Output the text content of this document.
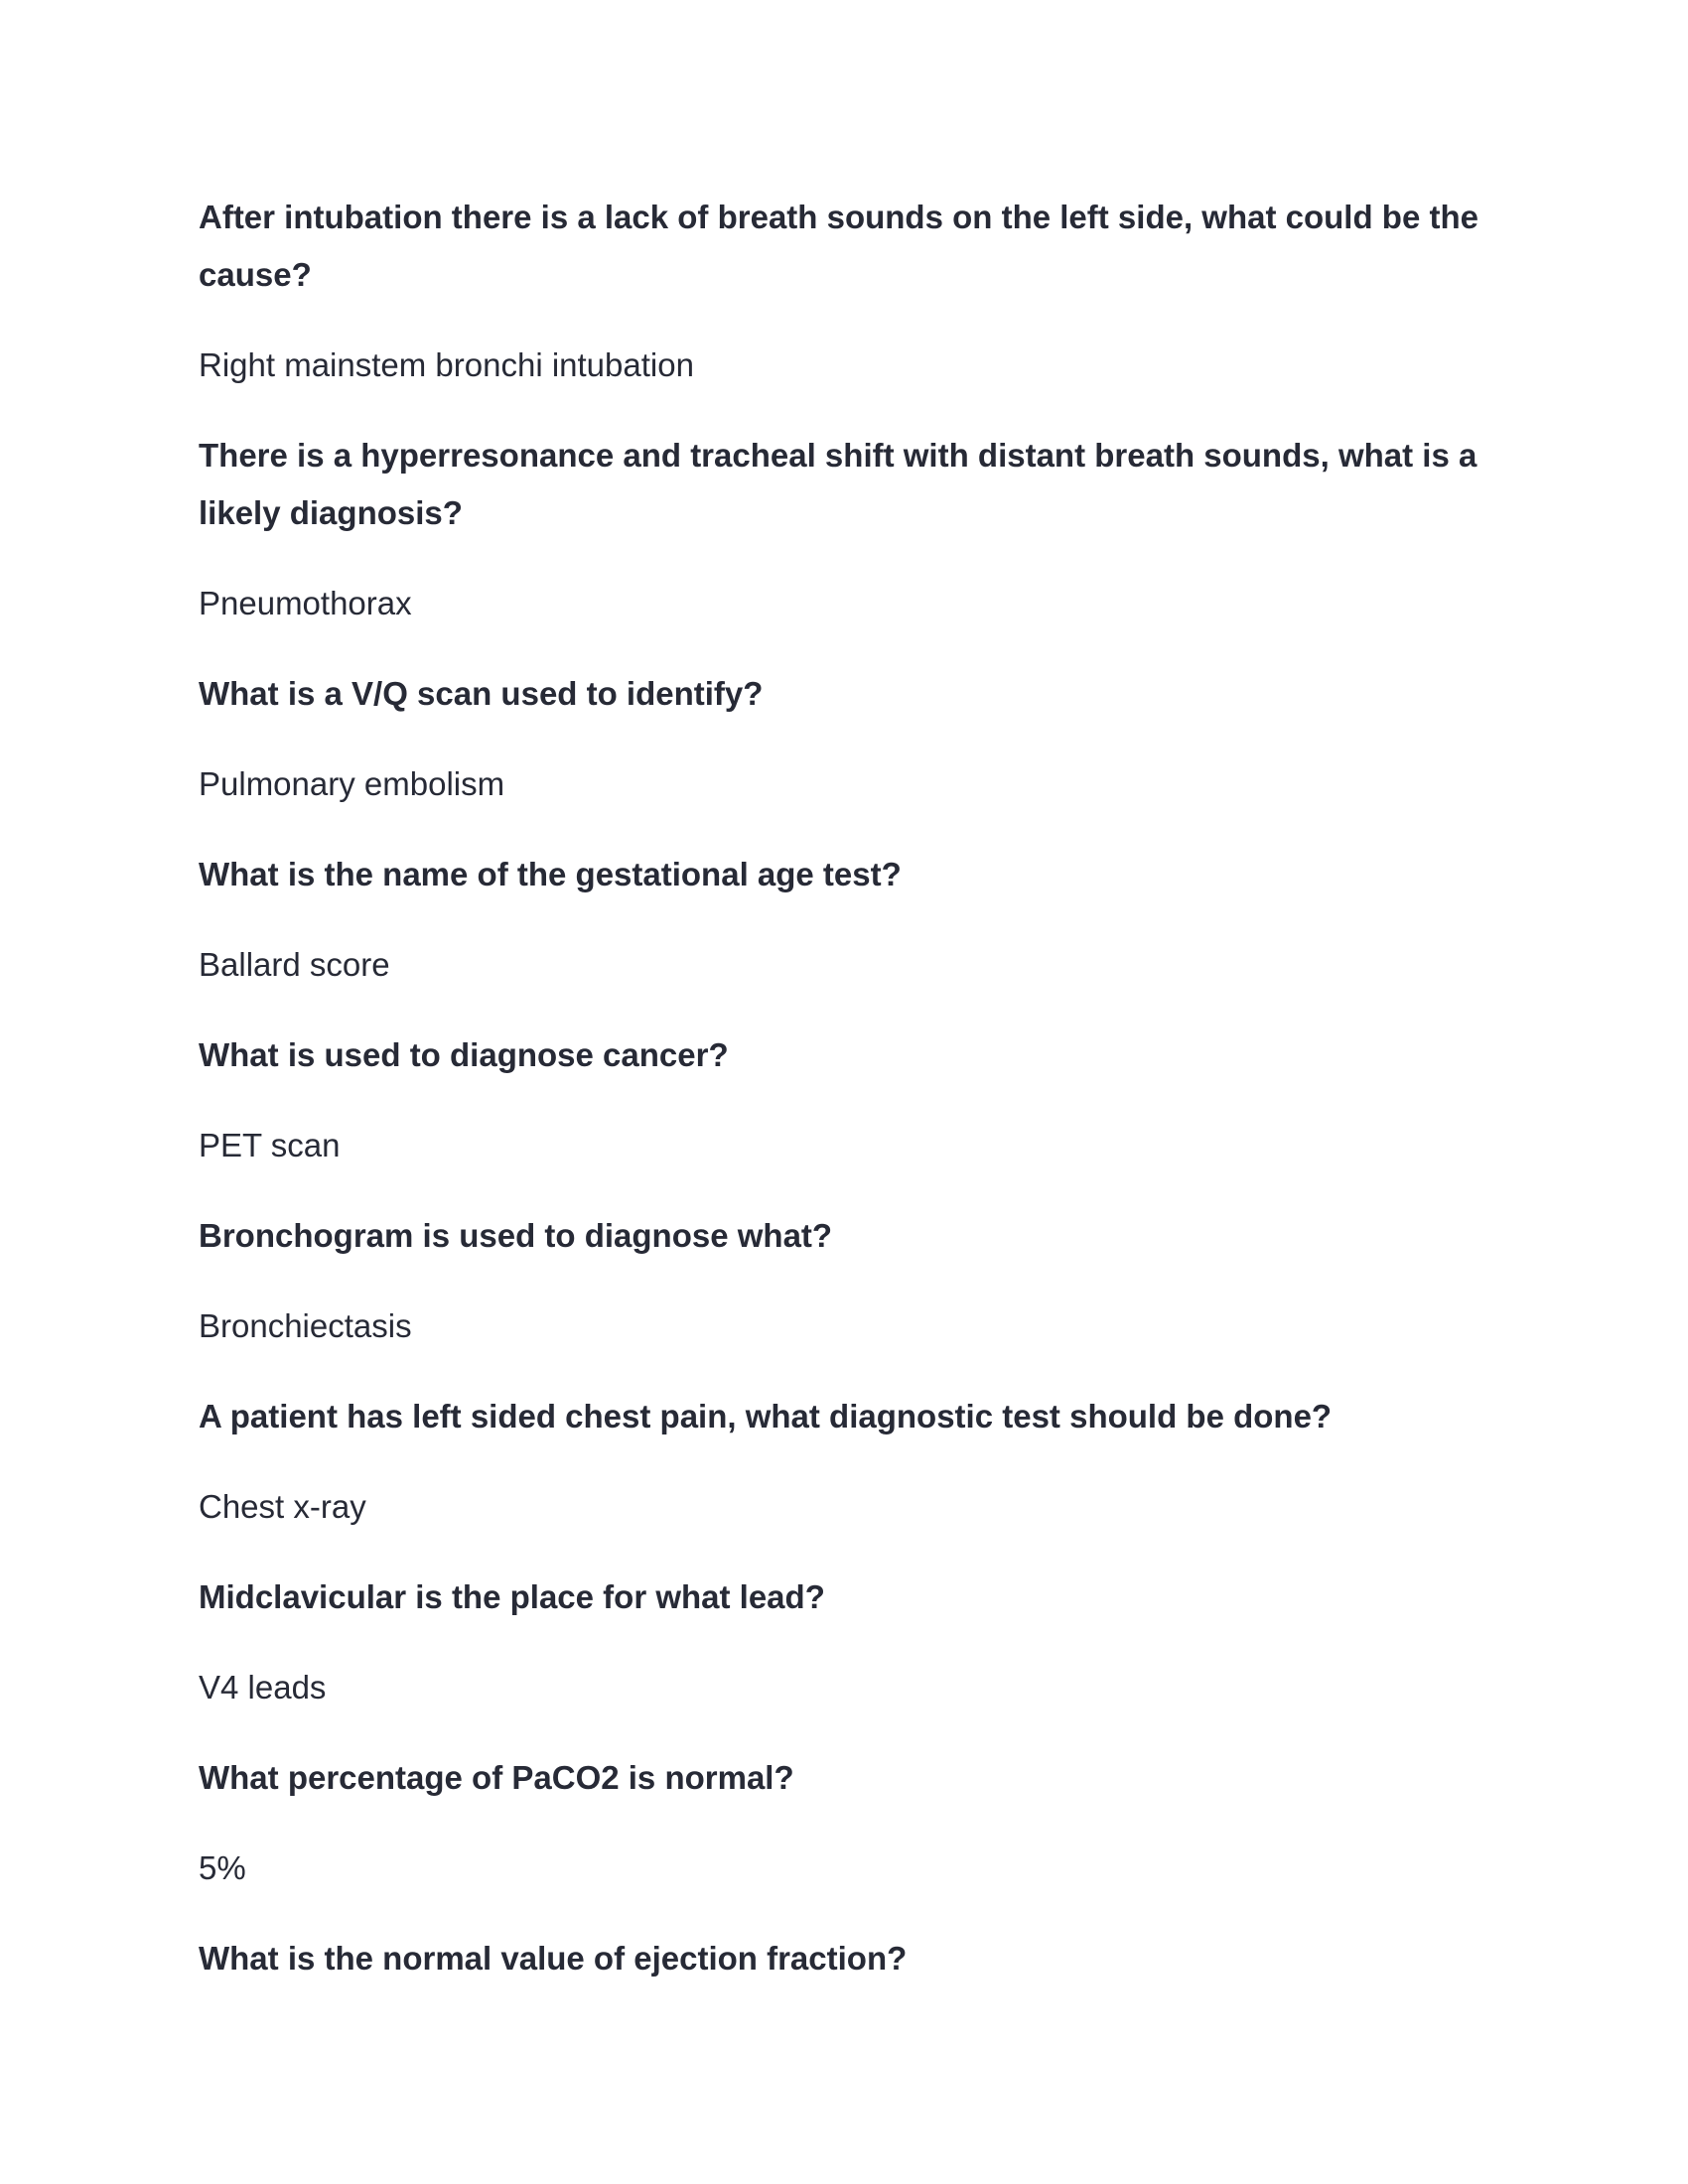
After intubation there is a lack of breath sounds on the left side, what could be the cause?

Right mainstem bronchi intubation

There is a hyperresonance and tracheal shift with distant breath sounds, what is a likely diagnosis?

Pneumothorax

What is a V/Q scan used to identify?

Pulmonary embolism

What is the name of the gestational age test?

Ballard score

What is used to diagnose cancer?

PET scan

Bronchogram is used to diagnose what?

Bronchiectasis

A patient has left sided chest pain, what diagnostic test should be done?

Chest x-ray

Midclavicular is the place for what lead?

V4 leads

What percentage of PaCO2 is normal?

5%

What is the normal value of ejection fraction?
